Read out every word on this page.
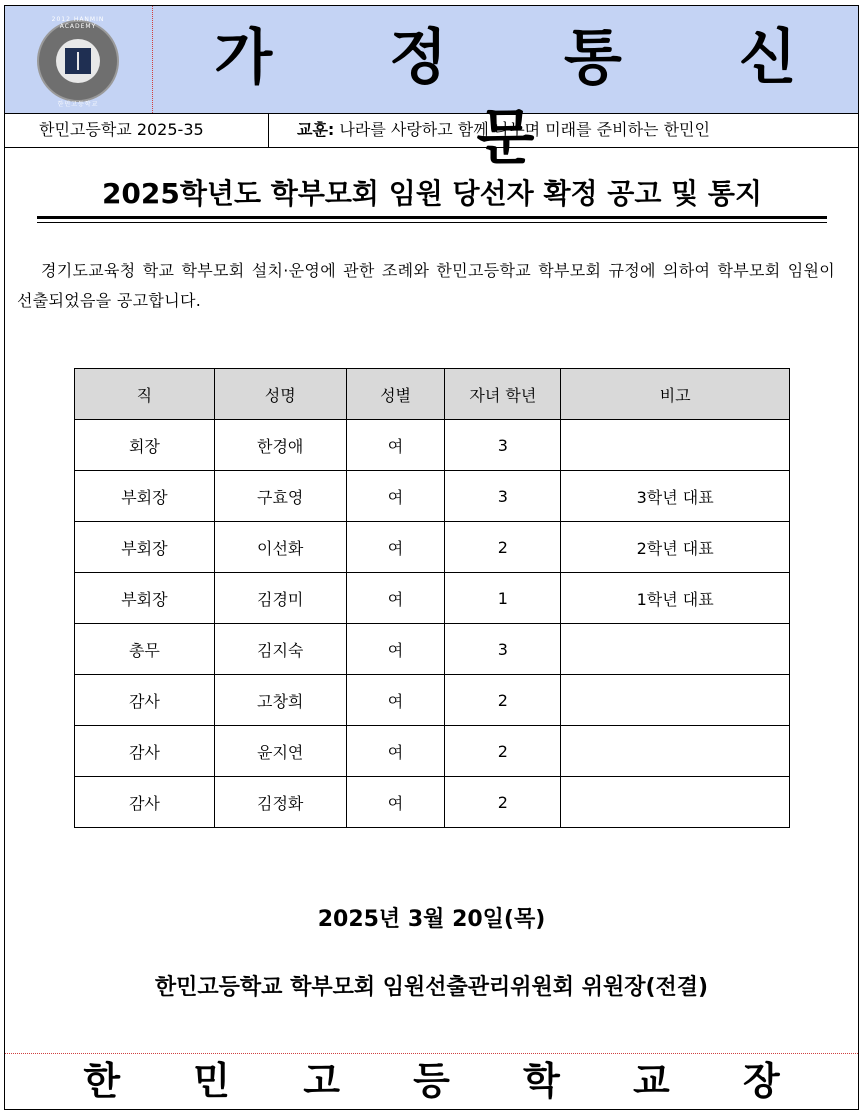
2012 HANMIN ACADEMY
한민고등학교
가 정 통 신 문
한민고등학교 2025-35	교훈: 나라를 사랑하고 함께 나누며 미래를 준비하는 한민인
2025학년도 학부모회 임원 당선자 확정 공고 및 통지
경기도교육청 학교 학부모회 설치·운영에 관한 조례와 한민고등학교 학부모회 규정에 의하여 학부모회 임원이 선출되었음을 공고합니다.
직	성명	성별	자녀 학년	비고
회장	한경애	여	3	
부회장	구효영	여	3	3학년 대표
부회장	이선화	여	2	2학년 대표
부회장	김경미	여	1	1학년 대표
총무	김지숙	여	3	
감사	고창희	여	2	
감사	윤지연	여	2	
감사	김정화	여	2	
2025년 3월 20일(목)
한민고등학교 학부모회 임원선출관리위원회 위원장(전결)
한 민 고 등 학 교 장
